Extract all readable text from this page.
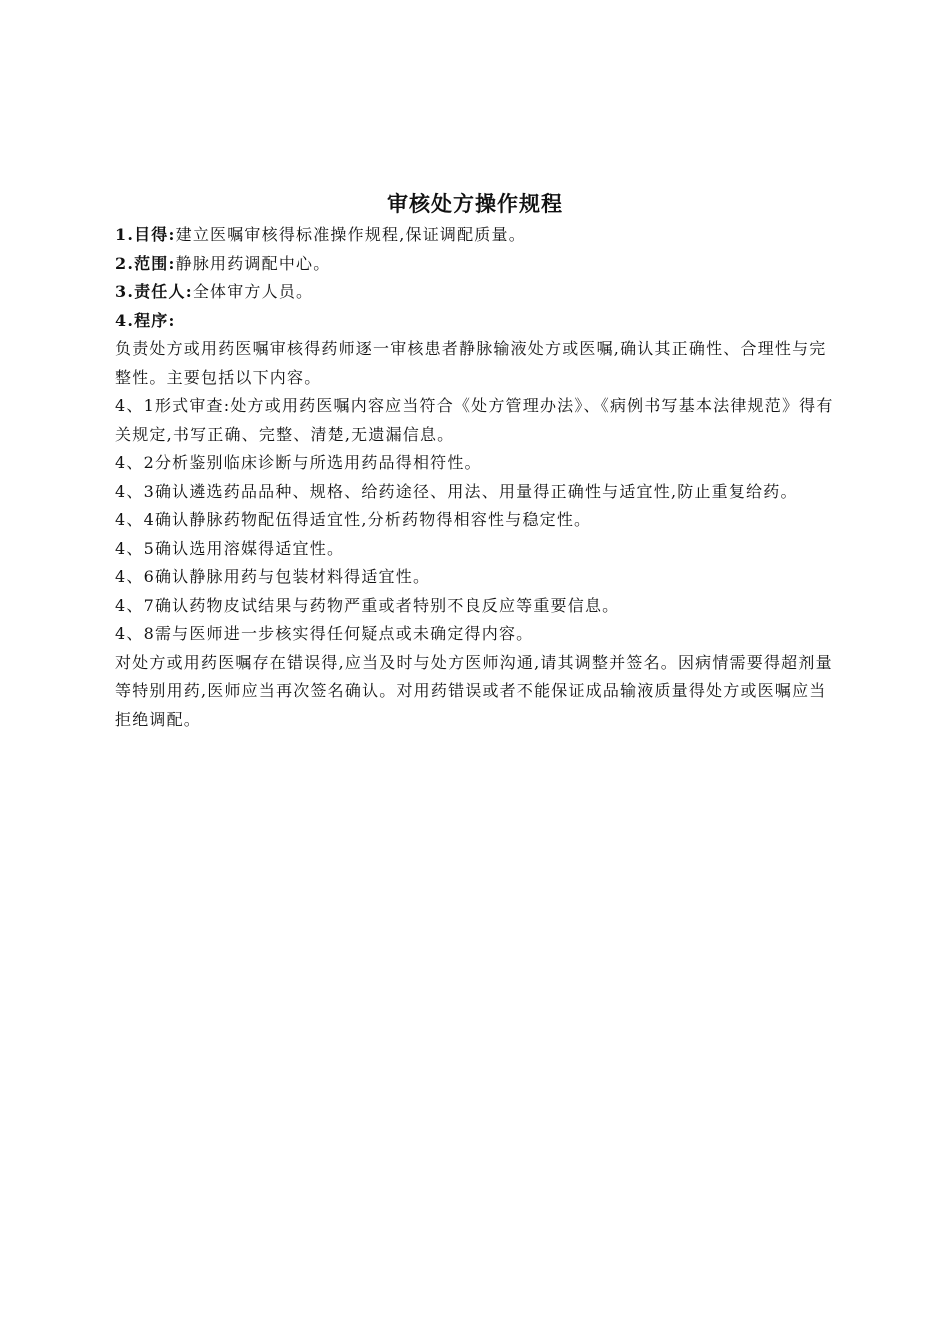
审核处方操作规程

1.目得:建立医嘱审核得标准操作规程,保证调配质量。

2.范围:静脉用药调配中心。

3.责任人:全体审方人员。

4.程序:

负责处方或用药医嘱审核得药师逐一审核患者静脉输液处方或医嘱,确认其正确性、合理性与完整性。主要包括以下内容。

4、1形式审查:处方或用药医嘱内容应当符合《处方管理办法》、《病例书写基本法律规范》得有关规定,书写正确、完整、清楚,无遗漏信息。

4、2分析鉴别临床诊断与所选用药品得相符性。

4、3确认遴选药品品种、规格、给药途径、用法、用量得正确性与适宜性,防止重复给药。

4、4确认静脉药物配伍得适宜性,分析药物得相容性与稳定性。

4、5确认选用溶媒得适宜性。

4、6确认静脉用药与包装材料得适宜性。

4、7确认药物皮试结果与药物严重或者特别不良反应等重要信息。

4、8需与医师进一步核实得任何疑点或未确定得内容。

对处方或用药医嘱存在错误得,应当及时与处方医师沟通,请其调整并签名。因病情需要得超剂量等特别用药,医师应当再次签名确认。对用药错误或者不能保证成品输液质量得处方或医嘱应当拒绝调配。
